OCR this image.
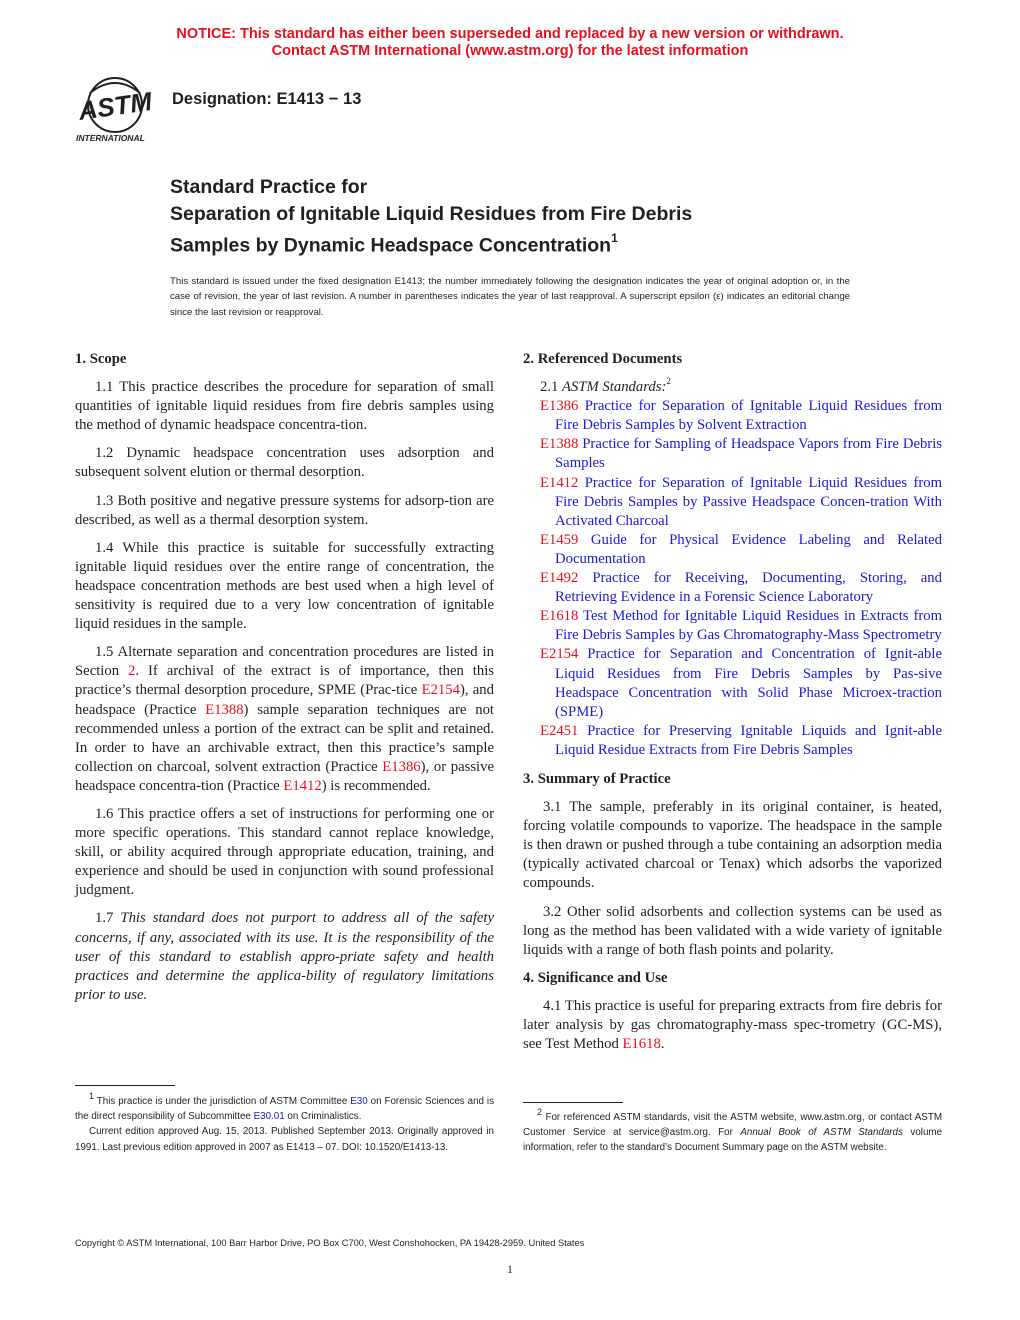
NOTICE: This standard has either been superseded and replaced by a new version or withdrawn.
Contact ASTM International (www.astm.org) for the latest information
ASTM
INTERNATIONAL
Designation: E1413 − 13
Standard Practice for
Separation of Ignitable Liquid Residues from Fire Debris
Samples by Dynamic Headspace Concentration$^1$
This standard is issued under the fixed designation E1413; the number immediately following the designation indicates the year of original adoption or, in the case of revision, the year of last revision. A number in parentheses indicates the year of last reapproval. A superscript epsilon (ε) indicates an editorial change since the last revision or reapproval.
1. Scope

1.1 This practice describes the procedure for separation of small quantities of ignitable liquid residues from fire debris samples using the method of dynamic headspace concentra-tion.

1.2 Dynamic headspace concentration uses adsorption and subsequent solvent elution or thermal desorption.

1.3 Both positive and negative pressure systems for adsorp-tion are described, as well as a thermal desorption system.

1.4 While this practice is suitable for successfully extracting ignitable liquid residues over the entire range of concentration, the headspace concentration methods are best used when a high level of sensitivity is required due to a very low concentration of ignitable liquid residues in the sample.

1.5 Alternate separation and concentration procedures are listed in Section 2. If archival of the extract is of importance, then this practice’s thermal desorption procedure, SPME (Prac-tice E2154), and headspace (Practice E1388) sample separation techniques are not recommended unless a portion of the extract can be split and retained. In order to have an archivable extract, then this practice’s sample collection on charcoal, solvent extraction (Practice E1386), or passive headspace concentra-tion (Practice E1412) is recommended.

1.6 This practice offers a set of instructions for performing one or more specific operations. This standard cannot replace knowledge, skill, or ability acquired through appropriate education, training, and experience and should be used in conjunction with sound professional judgment.

1.7 This standard does not purport to address all of the safety concerns, if any, associated with its use. It is the responsibility of the user of this standard to establish appro-priate safety and health practices and determine the applica-bility of regulatory limitations prior to use.

2. Referenced Documents

2.1 ASTM Standards:$^2$

E1386 Practice for Separation of Ignitable Liquid Residues from Fire Debris Samples by Solvent Extraction
E1388 Practice for Sampling of Headspace Vapors from Fire Debris Samples
E1412 Practice for Separation of Ignitable Liquid Residues from Fire Debris Samples by Passive Headspace Concen-tration With Activated Charcoal
E1459 Guide for Physical Evidence Labeling and Related Documentation
E1492 Practice for Receiving, Documenting, Storing, and Retrieving Evidence in a Forensic Science Laboratory
E1618 Test Method for Ignitable Liquid Residues in Extracts from Fire Debris Samples by Gas Chromatography-Mass Spectrometry
E2154 Practice for Separation and Concentration of Ignit-able Liquid Residues from Fire Debris Samples by Pas-sive Headspace Concentration with Solid Phase Microex-traction (SPME)
E2451 Practice for Preserving Ignitable Liquids and Ignit-able Liquid Residue Extracts from Fire Debris Samples
3. Summary of Practice

3.1 The sample, preferably in its original container, is heated, forcing volatile compounds to vaporize. The headspace in the sample is then drawn or pushed through a tube containing an adsorption media (typically activated charcoal or Tenax) which adsorbs the vaporized compounds.

3.2 Other solid adsorbents and collection systems can be used as long as the method has been validated with a wide variety of ignitable liquids with a range of both flash points and polarity.

4. Significance and Use

4.1 This practice is useful for preparing extracts from fire debris for later analysis by gas chromatography-mass spec-trometry (GC-MS), see Test Method E1618.

$^1$ This practice is under the jurisdiction of ASTM Committee E30 on Forensic Sciences and is the direct responsibility of Subcommittee E30.01 on Criminalistics.
Current edition approved Aug. 15, 2013. Published September 2013. Originally approved in 1991. Last previous edition approved in 2007 as E1413 – 07. DOI: 10.1520/E1413-13.
$^2$ For referenced ASTM standards, visit the ASTM website, www.astm.org, or contact ASTM Customer Service at service@astm.org. For Annual Book of ASTM Standards volume information, refer to the standard’s Document Summary page on the ASTM website.
Copyright © ASTM International, 100 Barr Harbor Drive, PO Box C700, West Conshohocken, PA 19428-2959. United States
1
